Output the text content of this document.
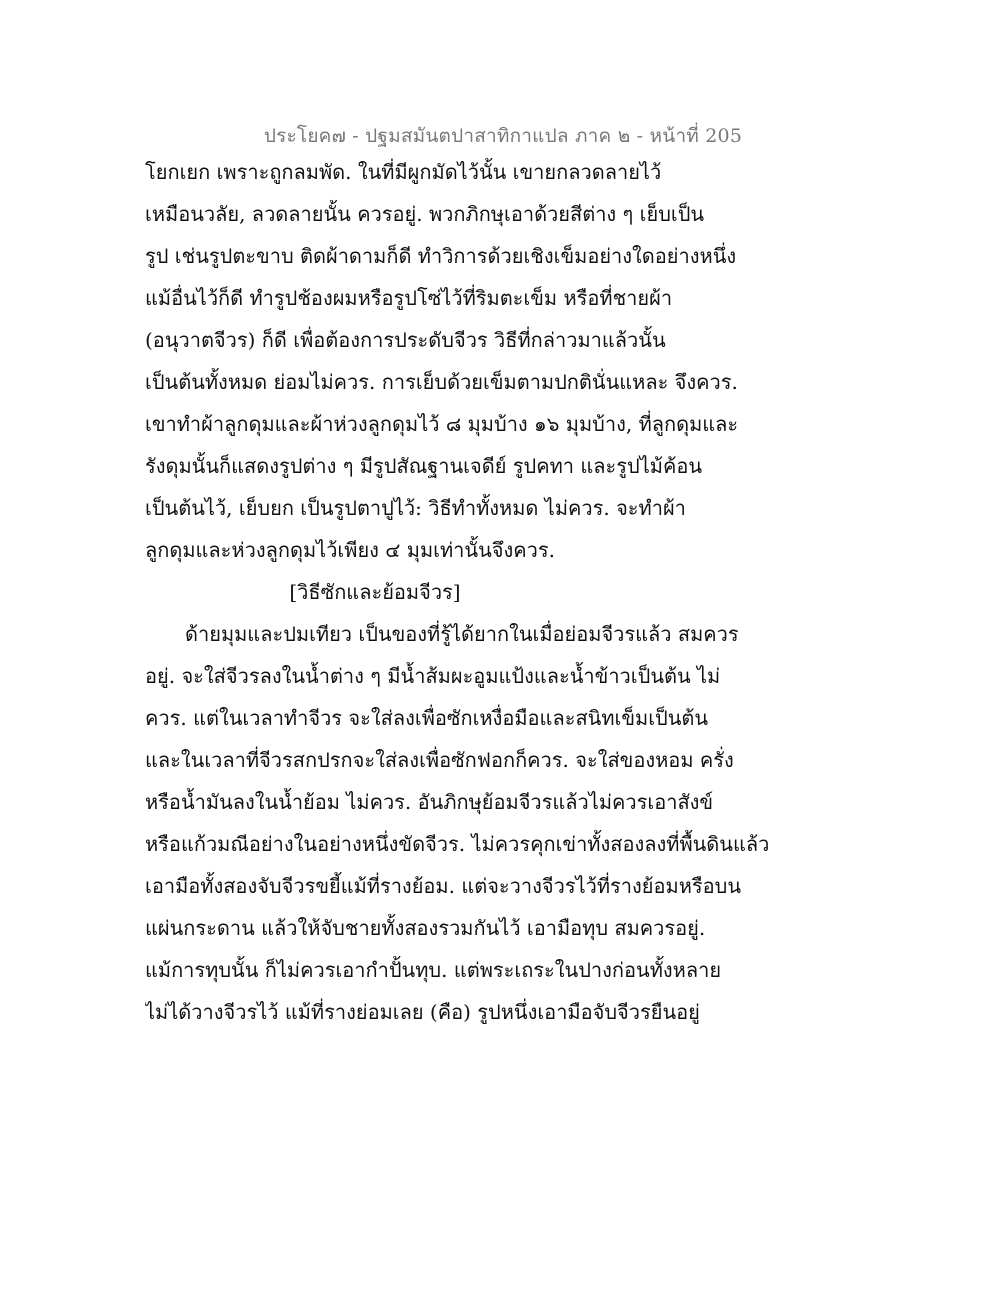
ประโยค๗ - ปฐมสมันตปาสาทิกาแปล ภาค ๒ - หน้าที่ 205
โยกเยก เพราะถูกลมพัด. ในที่มีผูกมัดไว้นั้น เขายกลวดลายไว้
เหมือนวลัย, ลวดลายนั้น ควรอยู่. พวกภิกษุเอาด้วยสีต่าง ๆ เย็บเป็น
รูป เช่นรูปตะขาบ ติดผ้าดามก็ดี ทำวิการด้วยเชิงเข็มอย่างใดอย่างหนึ่ง
แม้อื่นไว้ก็ดี ทำรูปช้องผมหรือรูปโซ่ไว้ที่ริมตะเข็ม หรือที่ชายผ้า
(อนุวาตจีวร) ก็ดี เพื่อต้องการประดับจีวร วิธีที่กล่าวมาแล้วนั้น
เป็นต้นทั้งหมด ย่อมไม่ควร. การเย็บด้วยเข็มตามปกตินั่นแหละ จึงควร.
เขาทำผ้าลูกดุมและผ้าห่วงลูกดุมไว้ ๘ มุมบ้าง ๑๖ มุมบ้าง, ที่ลูกดุมและ
รังดุมนั้นก็แสดงรูปต่าง ๆ มีรูปสัณฐานเจดีย์ รูปคทา และรูปไม้ค้อน
เป็นต้นไว้, เย็บยก เป็นรูปตาปูไว้: วิธีทำทั้งหมด ไม่ควร. จะทำผ้า
ลูกดุมและห่วงลูกดุมไว้เพียง ๔ มุมเท่านั้นจึงควร.
[วิธีซักและย้อมจีวร]
ด้ายมุมและปมเทียว เป็นของที่รู้ได้ยากในเมื่อย่อมจีวรแล้ว สมควร
อยู่. จะใส่จีวรลงในน้ำต่าง ๆ มีน้ำส้มผะอูมแป้งและน้ำข้าวเป็นต้น ไม่
ควร. แต่ในเวลาทำจีวร จะใส่ลงเพื่อซักเหงื่อมือและสนิทเข็มเป็นต้น
และในเวลาที่จีวรสกปรกจะใส่ลงเพื่อซักฟอกก็ควร. จะใส่ของหอม ครั่ง
หรือน้ำมันลงในน้ำย้อม ไม่ควร. อันภิกษุย้อมจีวรแล้วไม่ควรเอาสังข์
หรือแก้วมณีอย่างในอย่างหนึ่งขัดจีวร. ไม่ควรคุกเข่าทั้งสองลงที่พื้นดินแล้ว
เอามือทั้งสองจับจีวรขยี้แม้ที่รางย้อม. แต่จะวางจีวรไว้ที่รางย้อมหรือบน
แผ่นกระดาน แล้วให้จับชายทั้งสองรวมกันไว้ เอามือทุบ สมควรอยู่.
แม้การทุบนั้น ก็ไม่ควรเอากำปั้นทุบ. แต่พระเถระในปางก่อนทั้งหลาย
ไม่ได้วางจีวรไว้ แม้ที่รางย่อมเลย (คือ) รูปหนึ่งเอามือจับจีวรยืนอยู่
